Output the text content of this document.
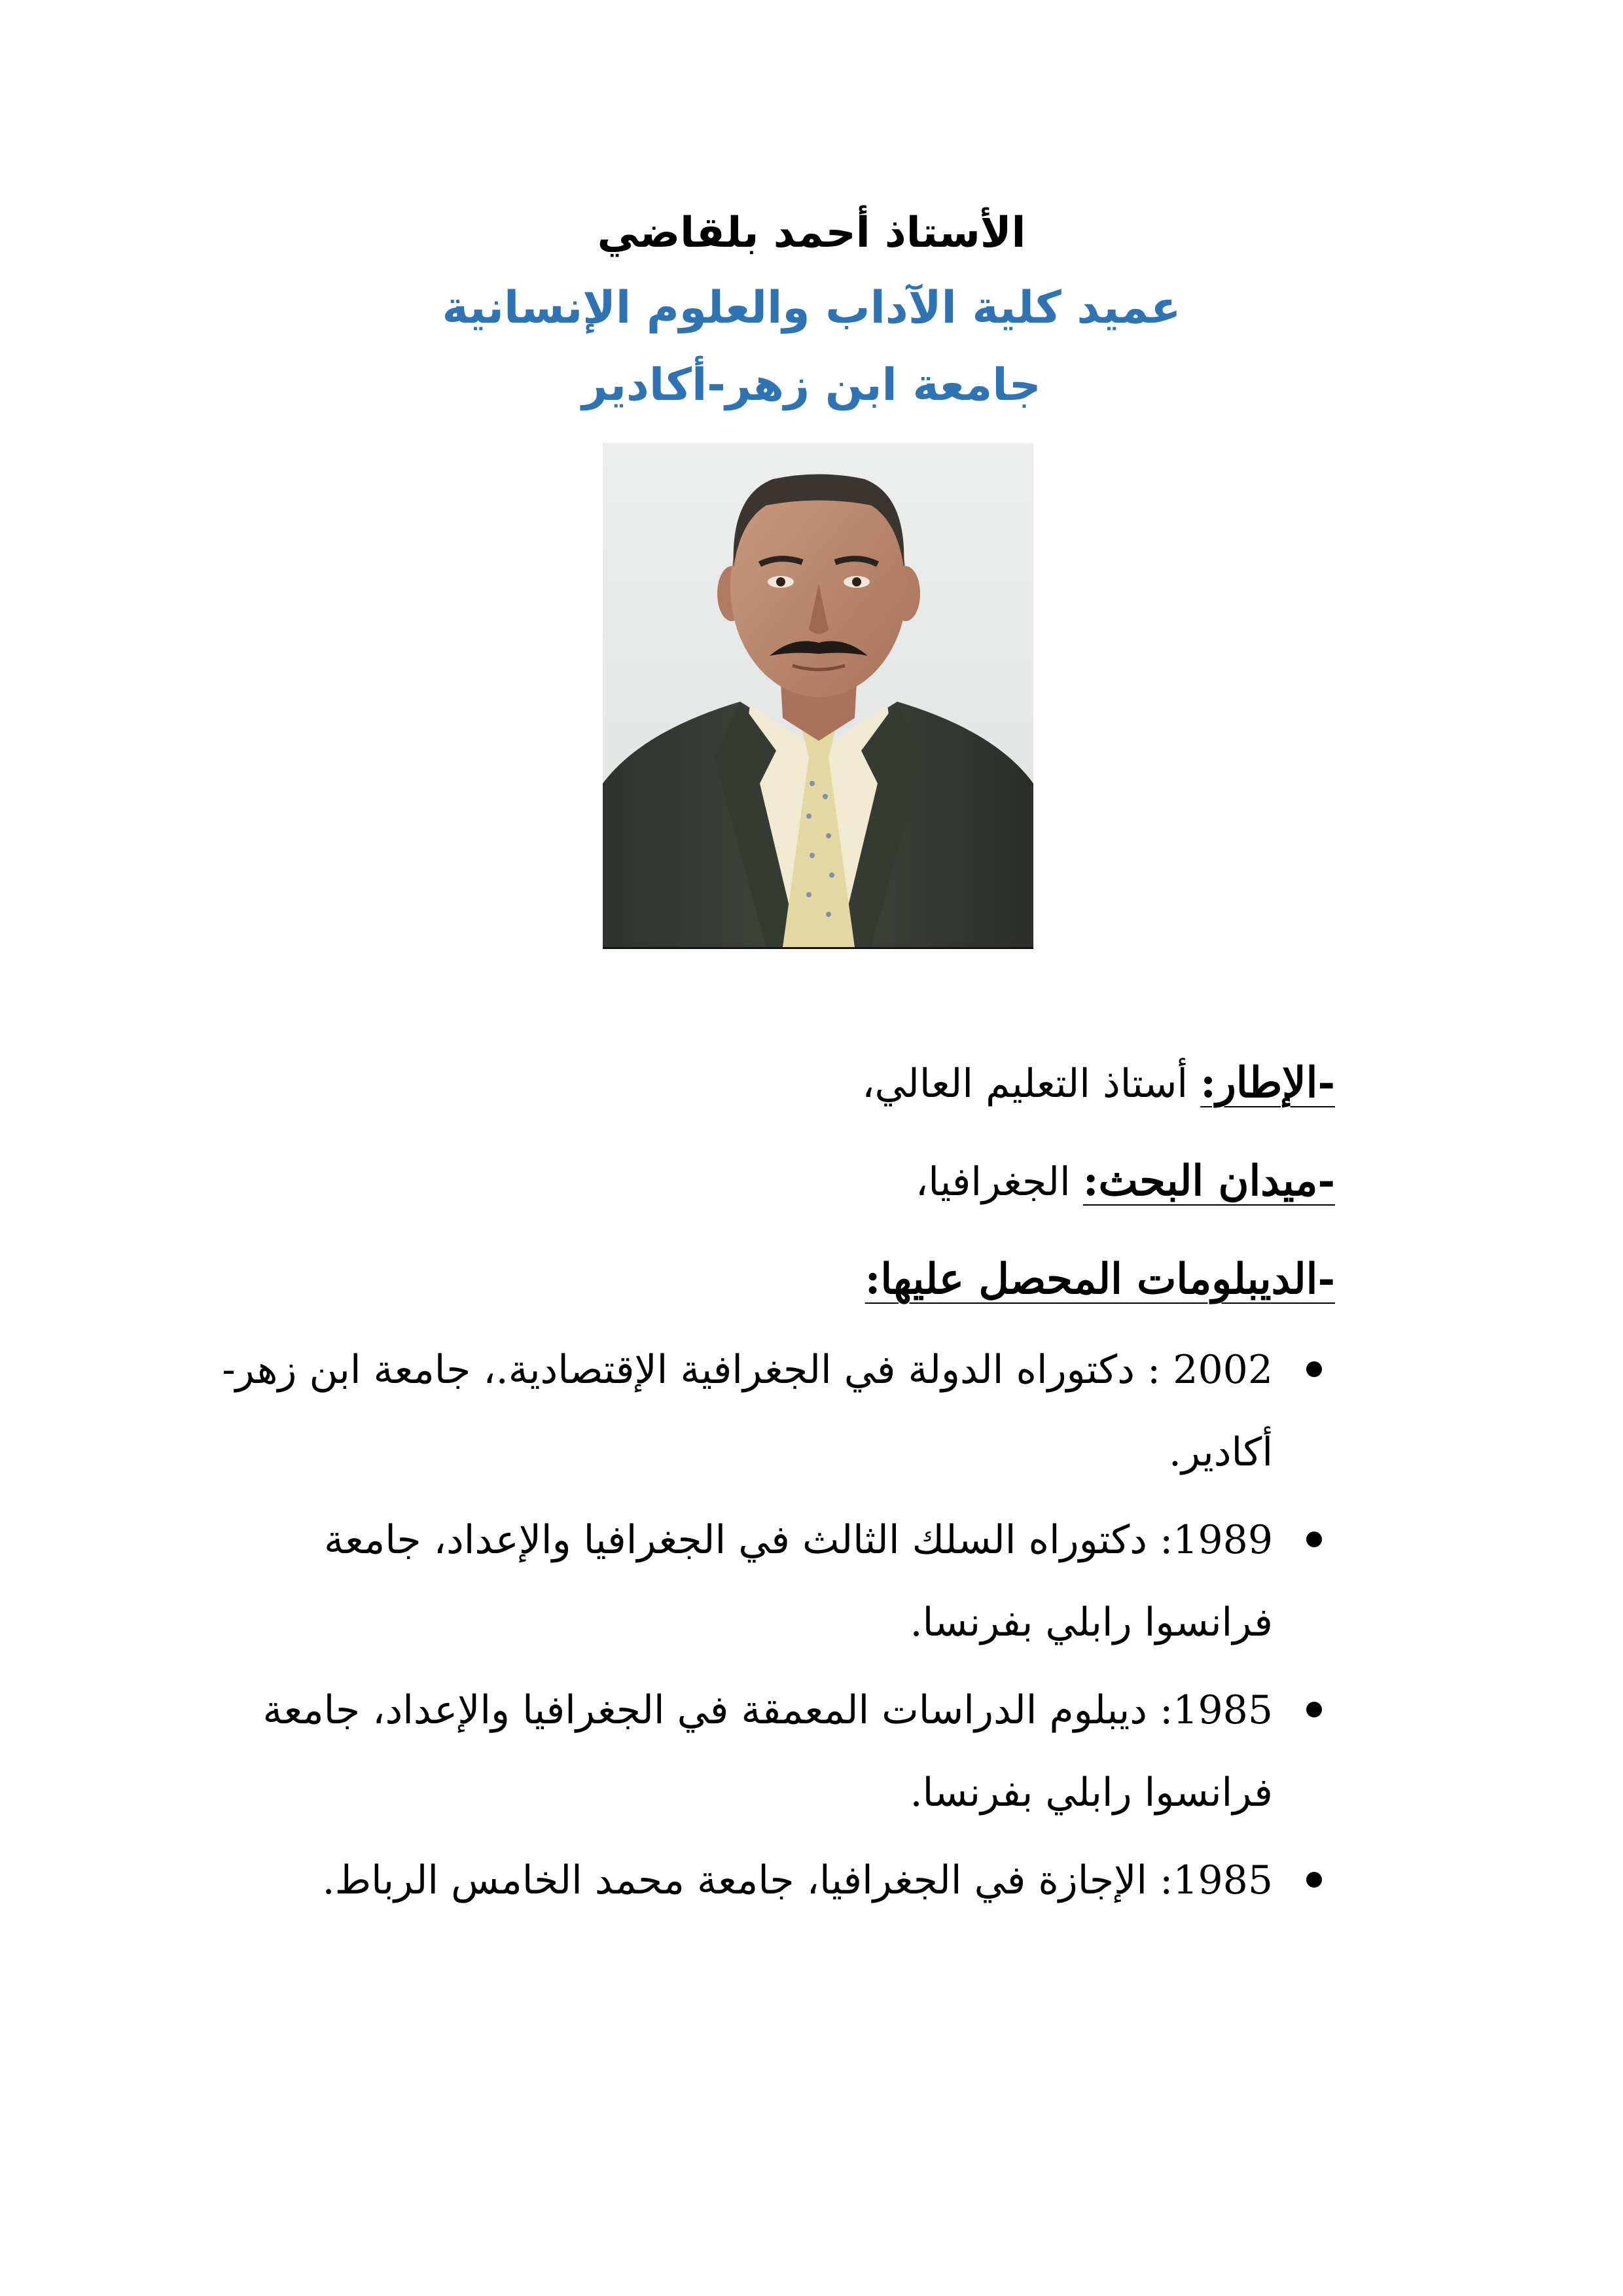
الأستاذ أحمد بلقاضي
عميد كلية الآداب والعلوم الإنسانية
جامعة ابن زهر-أكادير
-الإطار: أستاذ التعليم العالي،
-ميدان البحث: الجغرافيا،
-الديبلومات المحصل عليها:
2002 : دكتوراه الدولة في الجغرافية الإقتصادية.، جامعة ابن زهر-أكادير.
1989: دكتوراه السلك الثالث في الجغرافيا والإعداد، جامعة فرانسوا رابلي بفرنسا.
1985: ديبلوم الدراسات المعمقة في الجغرافيا والإعداد، جامعة فرانسوا رابلي بفرنسا.
1985: الإجازة في الجغرافيا، جامعة محمد الخامس الرباط.
